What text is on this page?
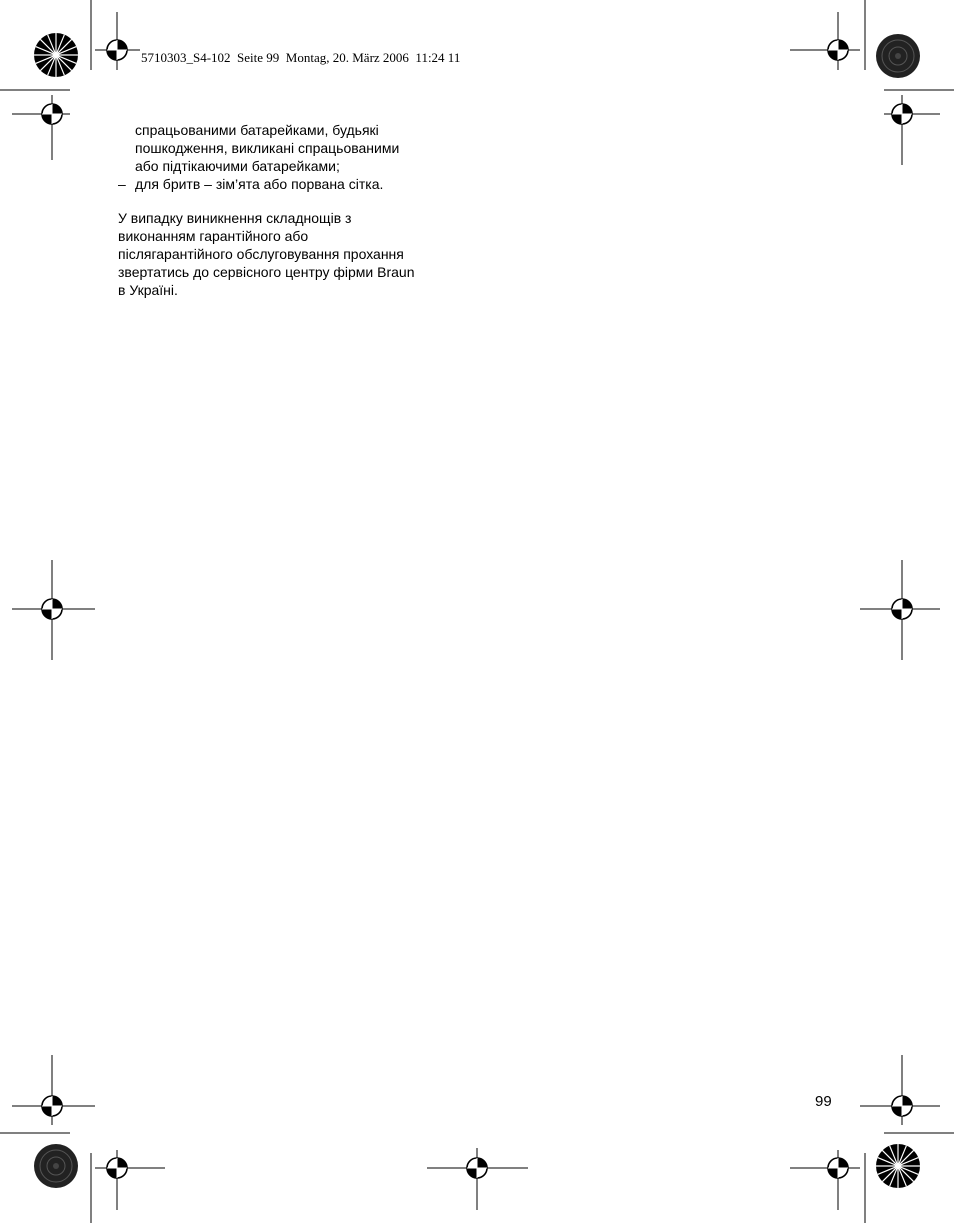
5710303_S4-102  Seite 99  Montag, 20. März 2006  11:24 11
спрацьованими батарейками, будьякі
пошкодження, викликані спрацьованими
або підтікаючими батарейками;
– для бритв – зім’ята або порвана сітка.
У випадку виникнення складнощів з
виконанням гарантійного або
післягарантійного обслуговування прохання
звертатись до сервісного центру фірми Braun
в Україні.
99
